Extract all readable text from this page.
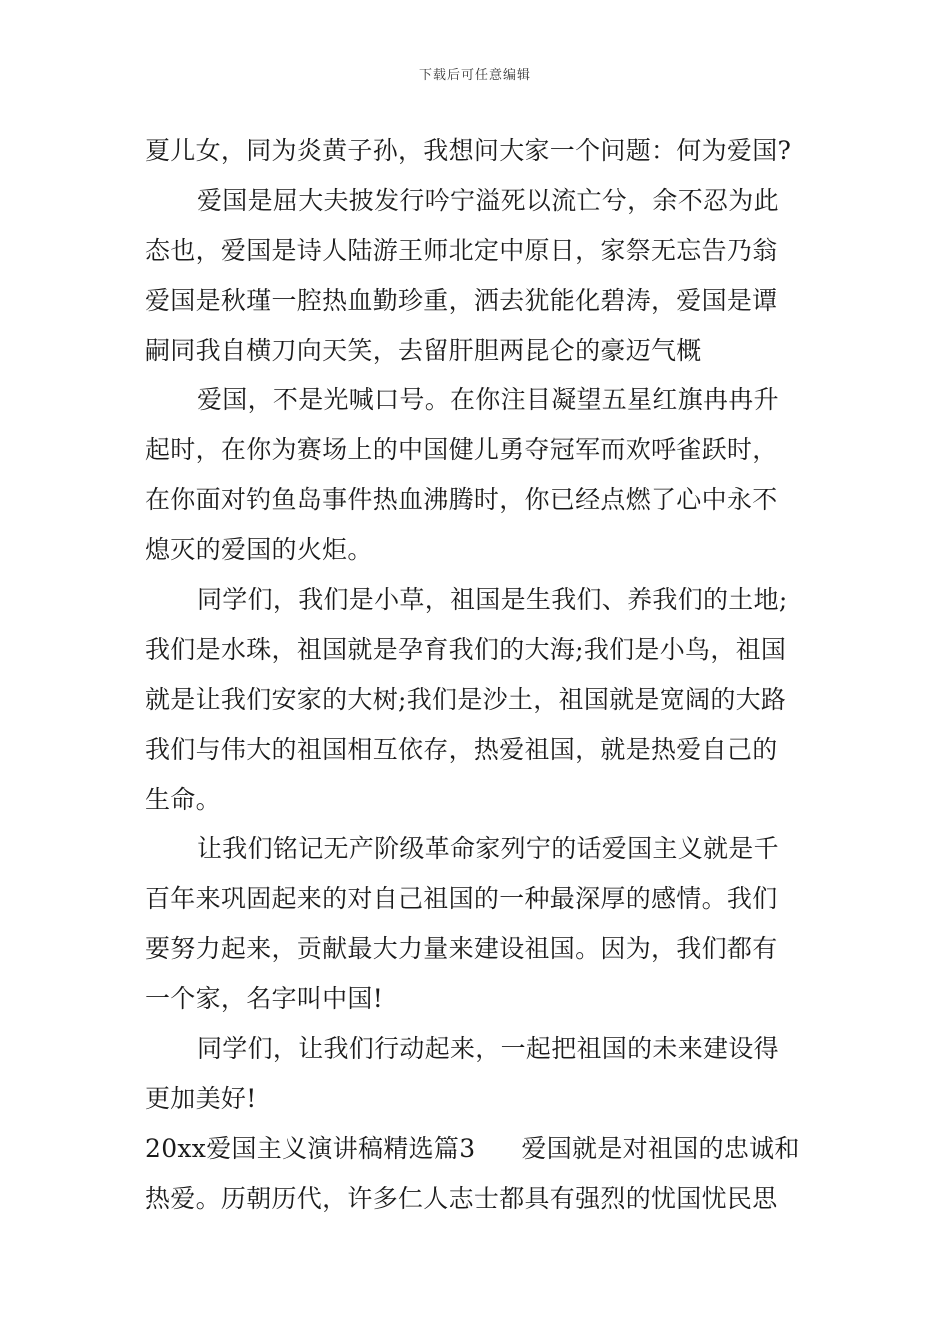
下载后可任意编辑
夏儿女，同为炎黄子孙，我想问大家一个问题：何为爱国?
爱国是屈大夫披发行吟宁溢死以流亡兮，余不忍为此
态也，爱国是诗人陆游王师北定中原日，家祭无忘告乃翁
爱国是秋瑾一腔热血勤珍重，洒去犹能化碧涛，爱国是谭
嗣同我自横刀向天笑，去留肝胆两昆仑的豪迈气概
爱国，不是光喊口号。在你注目凝望五星红旗冉冉升
起时，在你为赛场上的中国健儿勇夺冠军而欢呼雀跃时，
在你面对钓鱼岛事件热血沸腾时，你已经点燃了心中永不
熄灭的爱国的火炬。
同学们，我们是小草，祖国是生我们、养我们的土地;
我们是水珠，祖国就是孕育我们的大海;我们是小鸟，祖国
就是让我们安家的大树;我们是沙土，祖国就是宽阔的大路
我们与伟大的祖国相互依存，热爱祖国，就是热爱自己的
生命。
让我们铭记无产阶级革命家列宁的话爱国主义就是千
百年来巩固起来的对自己祖国的一种最深厚的感情。我们
要努力起来，贡献最大力量来建设祖国。因为，我们都有
一个家，名字叫中国!
同学们，让我们行动起来，一起把祖国的未来建设得
更加美好!
20xx爱国主义演讲稿精选篇3 爱国就是对祖国的忠诚和
热爱。历朝历代，许多仁人志士都具有强烈的忧国忧民思
